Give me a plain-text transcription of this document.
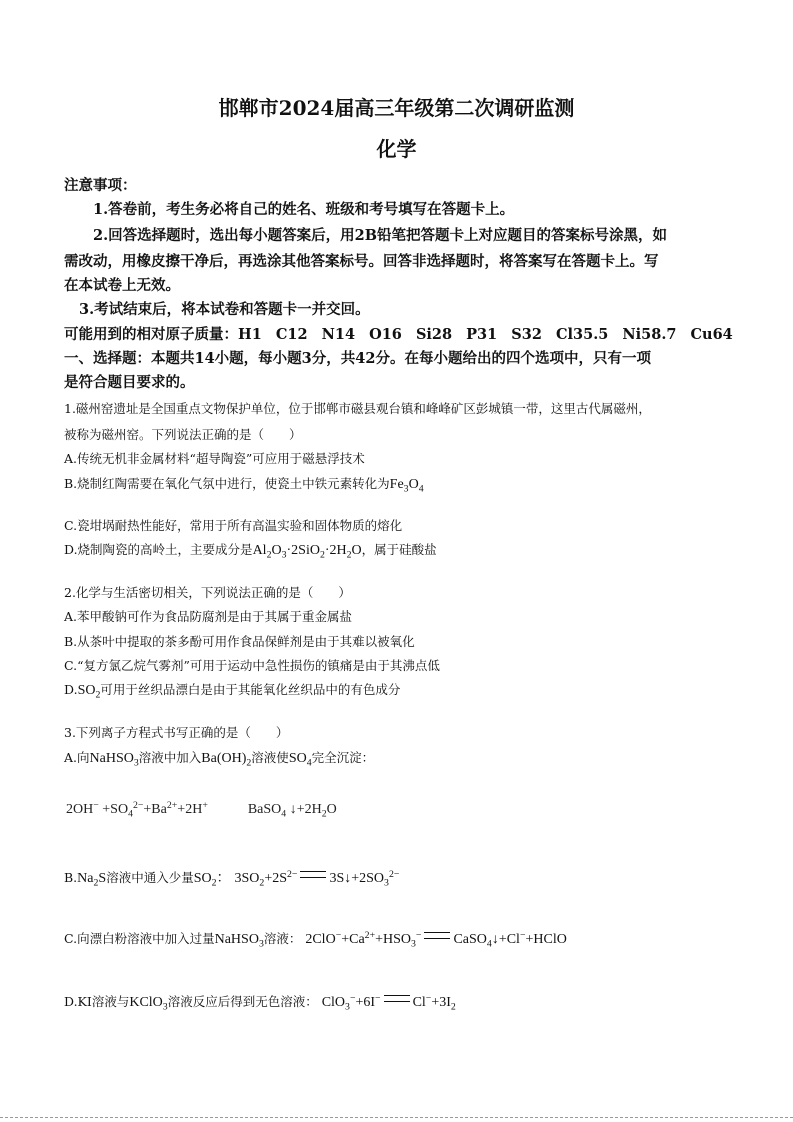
邯郸市2024届高三年级第二次调研监测
化学
注意事项：
1.答卷前，考生务必将自己的姓名、班级和考号填写在答题卡上。
2.回答选择题时，选出每小题答案后，用2B铅笔把答题卡上对应题目的答案标号涂黑，如
需改动，用橡皮擦干净后，再选涂其他答案标号。回答非选择题时，将答案写在答题卡上。写
在本试卷上无效。
3.考试结束后，将本试卷和答题卡一并交回。
可能用到的相对原子质量：H1 C12 N14 O16 Si28 P31 S32 Cl35.5 Ni58.7 Cu64
一、选择题：本题共14小题，每小题3分，共42分。在每小题给出的四个选项中，只有一项
是符合题目要求的。
1.磁州窑遗址是全国重点文物保护单位，位于邯郸市磁县观台镇和峰峰矿区彭城镇一带，这里古代属磁州，
被称为磁州窑。下列说法正确的是（　　）
A.传统无机非金属材料“超导陶瓷”可应用于磁悬浮技术
B.烧制红陶需要在氧化气氛中进行，使瓷土中铁元素转化为$Fe_3O_4$
C.瓷坩埚耐热性能好，常用于所有高温实验和固体物质的熔化
D.烧制陶瓷的高岭土，主要成分是$Al_2O_3\cdot 2SiO_2\cdot 2H_2O$，属于硅酸盐
2.化学与生活密切相关，下列说法正确的是（　　）
A.苯甲酸钠可作为食品防腐剂是由于其属于重金属盐
B.从茶叶中提取的茶多酚可用作食品保鲜剂是由于其难以被氧化
C.“复方氯乙烷气雾剂”可用于运动中急性损伤的镇痛是由于其沸点低
$D.SO_2$可用于丝织品漂白是由于其能氧化丝织品中的有色成分
3.下列离子方程式书写正确的是（　　）
A.向NaHSO$_3$溶液中加入$Ba(OH)_2$溶液使$SO_4$完全沉淀：
$2OH^- +SO_4^{2-}+Ba^{2+}+2H^+$	BaSO$_4$ $↓+2H_2O$
$B.Na_2S$溶液中通入少量$SO_2$： $3SO_2+2S^{2-}$ $3S↓+2SO_3^{2-}$
C.向漂白粉溶液中加入过量NaHSO$_3$溶液： $2ClO^-+Ca^{2+}+HSO_3^-$ CaSO$_4$↓+Cl−+HClO
D.KI溶液与KClO$_3$溶液反应后得到无色溶液： ClO$_3$−+6I− $Cl^-+3I_2$
